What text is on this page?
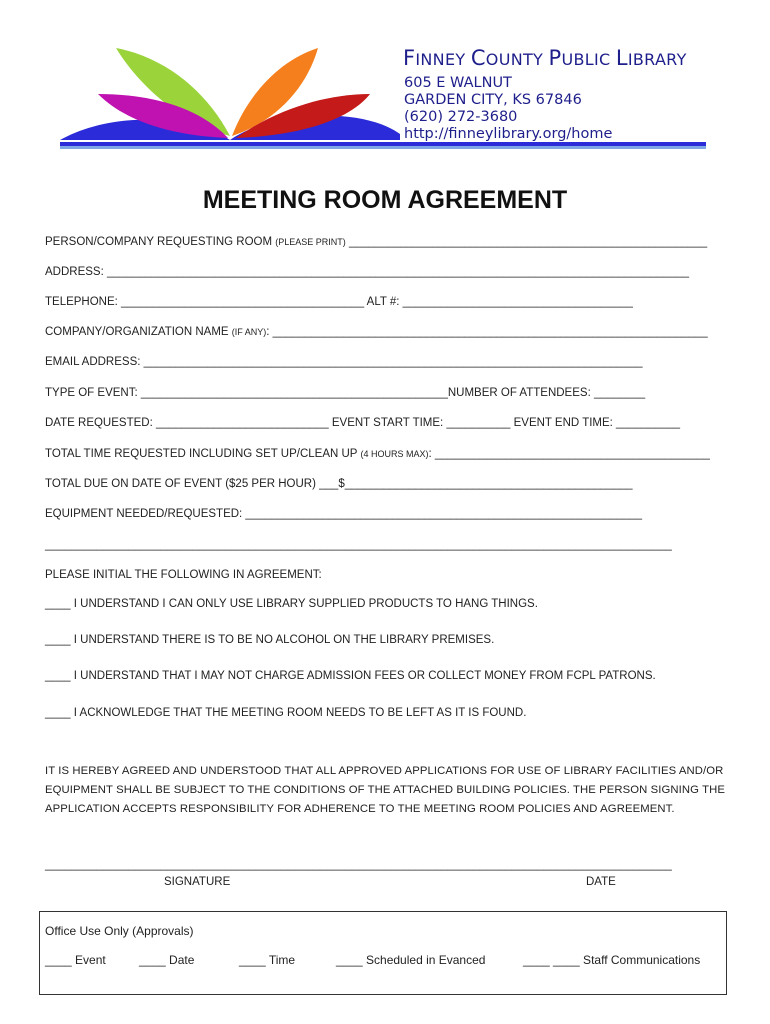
FINNEY COUNTY PUBLIC LIBRARY
605 E WALNUT
GARDEN CITY, KS 67846
(620) 272-3680
http://finneylibrary.org/home
MEETING ROOM AGREEMENT
PERSON/COMPANY REQUESTING ROOM (PLEASE PRINT) ________________________________________________________
ADDRESS: ___________________________________________________________________________________________
TELEPHONE: ______________________________________ ALT #: ____________________________________
COMPANY/ORGANIZATION NAME (IF ANY): ____________________________________________________________________
EMAIL ADDRESS: ______________________________________________________________________________
TYPE OF EVENT: ________________________________________________NUMBER OF ATTENDEES: ________
DATE REQUESTED: ___________________________ EVENT START TIME: __________ EVENT END TIME: __________
TOTAL TIME REQUESTED INCLUDING SET UP/CLEAN UP (4 HOURS MAX): ___________________________________________
TOTAL DUE ON DATE OF EVENT ($25 PER HOUR) ___$_____________________________________________
EQUIPMENT NEEDED/REQUESTED: ______________________________________________________________
__________________________________________________________________________________________________
PLEASE INITIAL THE FOLLOWING IN AGREEMENT:
____ I UNDERSTAND I CAN ONLY USE LIBRARY SUPPLIED PRODUCTS TO HANG THINGS.
____ I UNDERSTAND THERE IS TO BE NO ALCOHOL ON THE LIBRARY PREMISES.
____ I UNDERSTAND THAT I MAY NOT CHARGE ADMISSION FEES OR COLLECT MONEY FROM FCPL PATRONS.
____ I ACKNOWLEDGE THAT THE MEETING ROOM NEEDS TO BE LEFT AS IT IS FOUND.
IT IS HEREBY AGREED AND UNDERSTOOD THAT ALL APPROVED APPLICATIONS FOR USE OF LIBRARY FACILITIES AND/OR EQUIPMENT SHALL BE SUBJECT TO THE CONDITIONS OF THE ATTACHED BUILDING POLICIES. THE PERSON SIGNING THE APPLICATION ACCEPTS RESPONSIBILITY FOR ADHERENCE TO THE MEETING ROOM POLICIES AND AGREEMENT.
__________________________________________________________________________________________________
SIGNATURE	DATE
Office Use Only (Approvals)
____ Event	____ Date	____ Time	____ Scheduled in Evanced	____ ____ Staff Communications
